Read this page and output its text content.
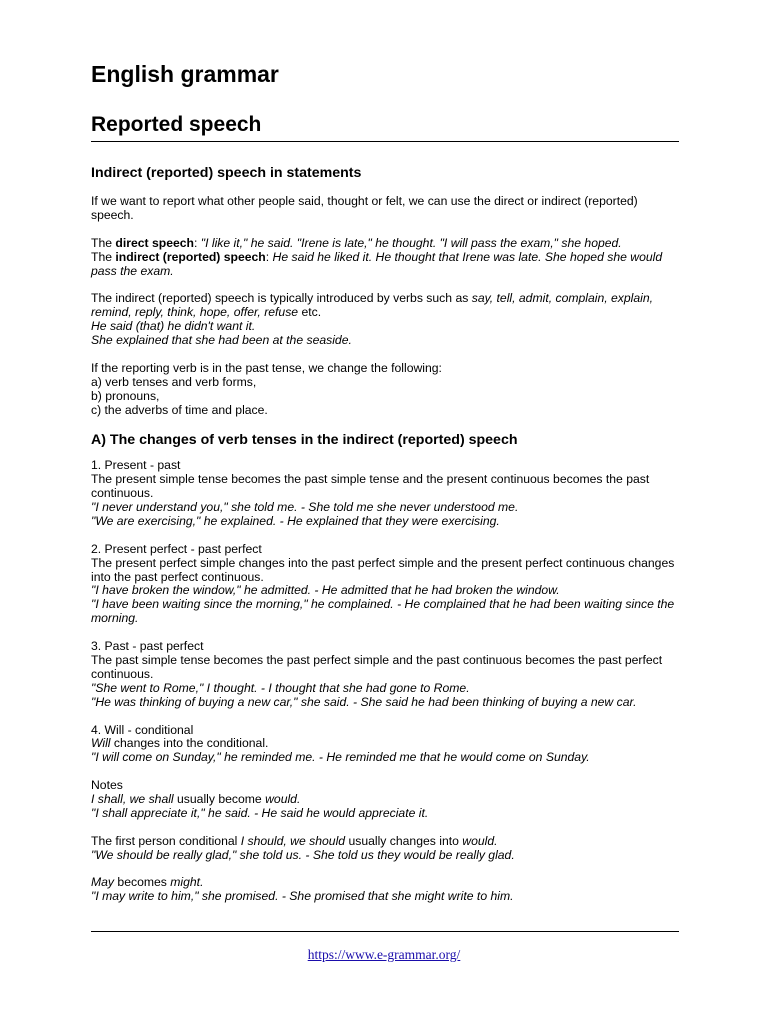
English grammar
Reported speech
Indirect (reported) speech in statements

If we want to report what other people said, thought or felt, we can use the direct or indirect (reported) speech.

The direct speech: "I like it," he said. "Irene is late," he thought. "I will pass the exam," she hoped.
The indirect (reported) speech: He said he liked it. He thought that Irene was late. She hoped she would pass the exam.

The indirect (reported) speech is typically introduced by verbs such as say, tell, admit, complain, explain, remind, reply, think, hope, offer, refuse etc.
He said (that) he didn't want it.
She explained that she had been at the seaside.

If the reporting verb is in the past tense, we change the following:
a) verb tenses and verb forms,
b) pronouns,
c) the adverbs of time and place.

A) The changes of verb tenses in the indirect (reported) speech

1. Present - past
The present simple tense becomes the past simple tense and the present continuous becomes the past continuous.
"I never understand you," she told me. - She told me she never understood me.
"We are exercising," he explained. - He explained that they were exercising.

2. Present perfect - past perfect
The present perfect simple changes into the past perfect simple and the present perfect continuous changes into the past perfect continuous.
"I have broken the window," he admitted. - He admitted that he had broken the window.
"I have been waiting since the morning," he complained. - He complained that he had been waiting since the morning.

3. Past - past perfect
The past simple tense becomes the past perfect simple and the past continuous becomes the past perfect continuous.
"She went to Rome," I thought. - I thought that she had gone to Rome.
"He was thinking of buying a new car," she said. - She said he had been thinking of buying a new car.

4. Will - conditional
Will changes into the conditional.
"I will come on Sunday," he reminded me. - He reminded me that he would come on Sunday.

Notes
I shall, we shall usually become would.
"I shall appreciate it," he said. - He said he would appreciate it.

The first person conditional I should, we should usually changes into would.
"We should be really glad," she told us. - She told us they would be really glad.

May becomes might.
"I may write to him," she promised. - She promised that she might write to him.

https://www.e-grammar.org/
